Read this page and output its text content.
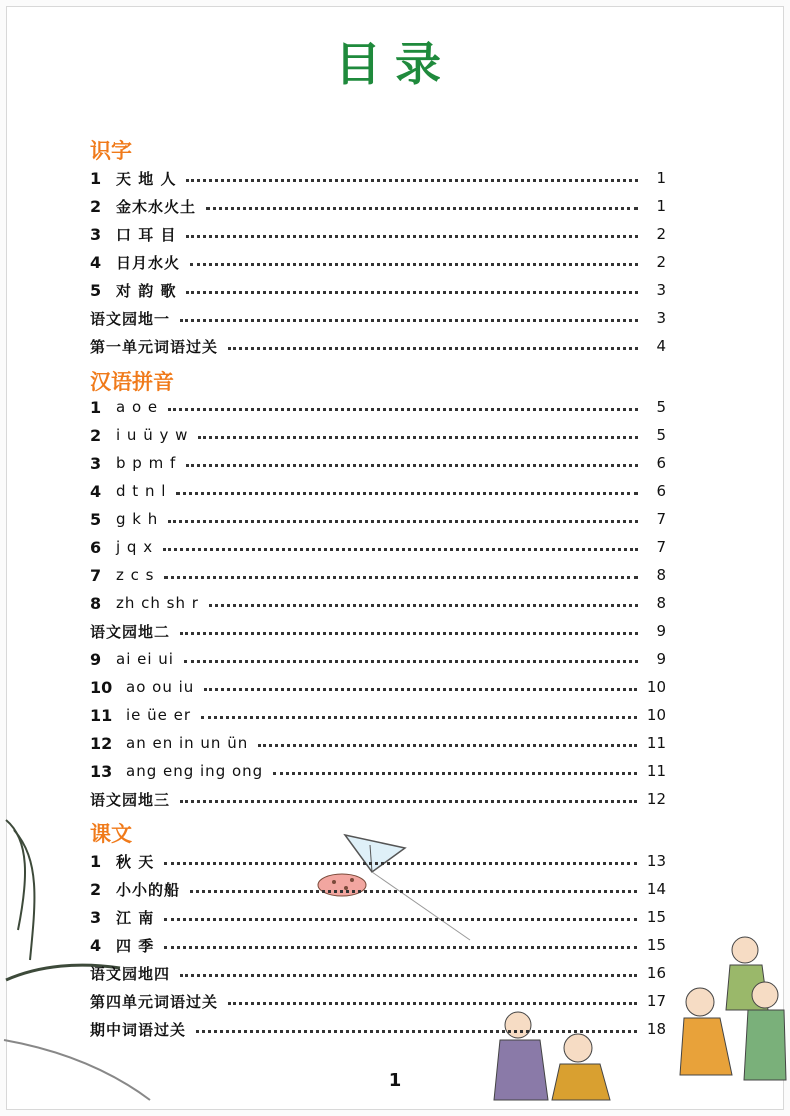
目录
识字
1 天 地 人	1
2 金木水火土	1
3 口 耳 目	2
4 日月水火	2
5 对 韵 歌	3
语文园地一	3
第一单元词语过关	4
汉语拼音
1 a o e	5
2 i u ü y w	5
3 b p m f	6
4 d t n l	6
5 g k h	7
6 j q x	7
7 z c s	8
8 zh ch sh r	8
语文园地二	9
9 ai ei ui	9
10 ao ou iu	10
11 ie üe er	10
12 an en in un ün	11
13 ang eng ing ong	11
语文园地三	12
课文
1 秋 天	13
2 小小的船	14
3 江 南	15
4 四 季	15
语文园地四	16
第四单元词语过关	17
期中词语过关	18
1
